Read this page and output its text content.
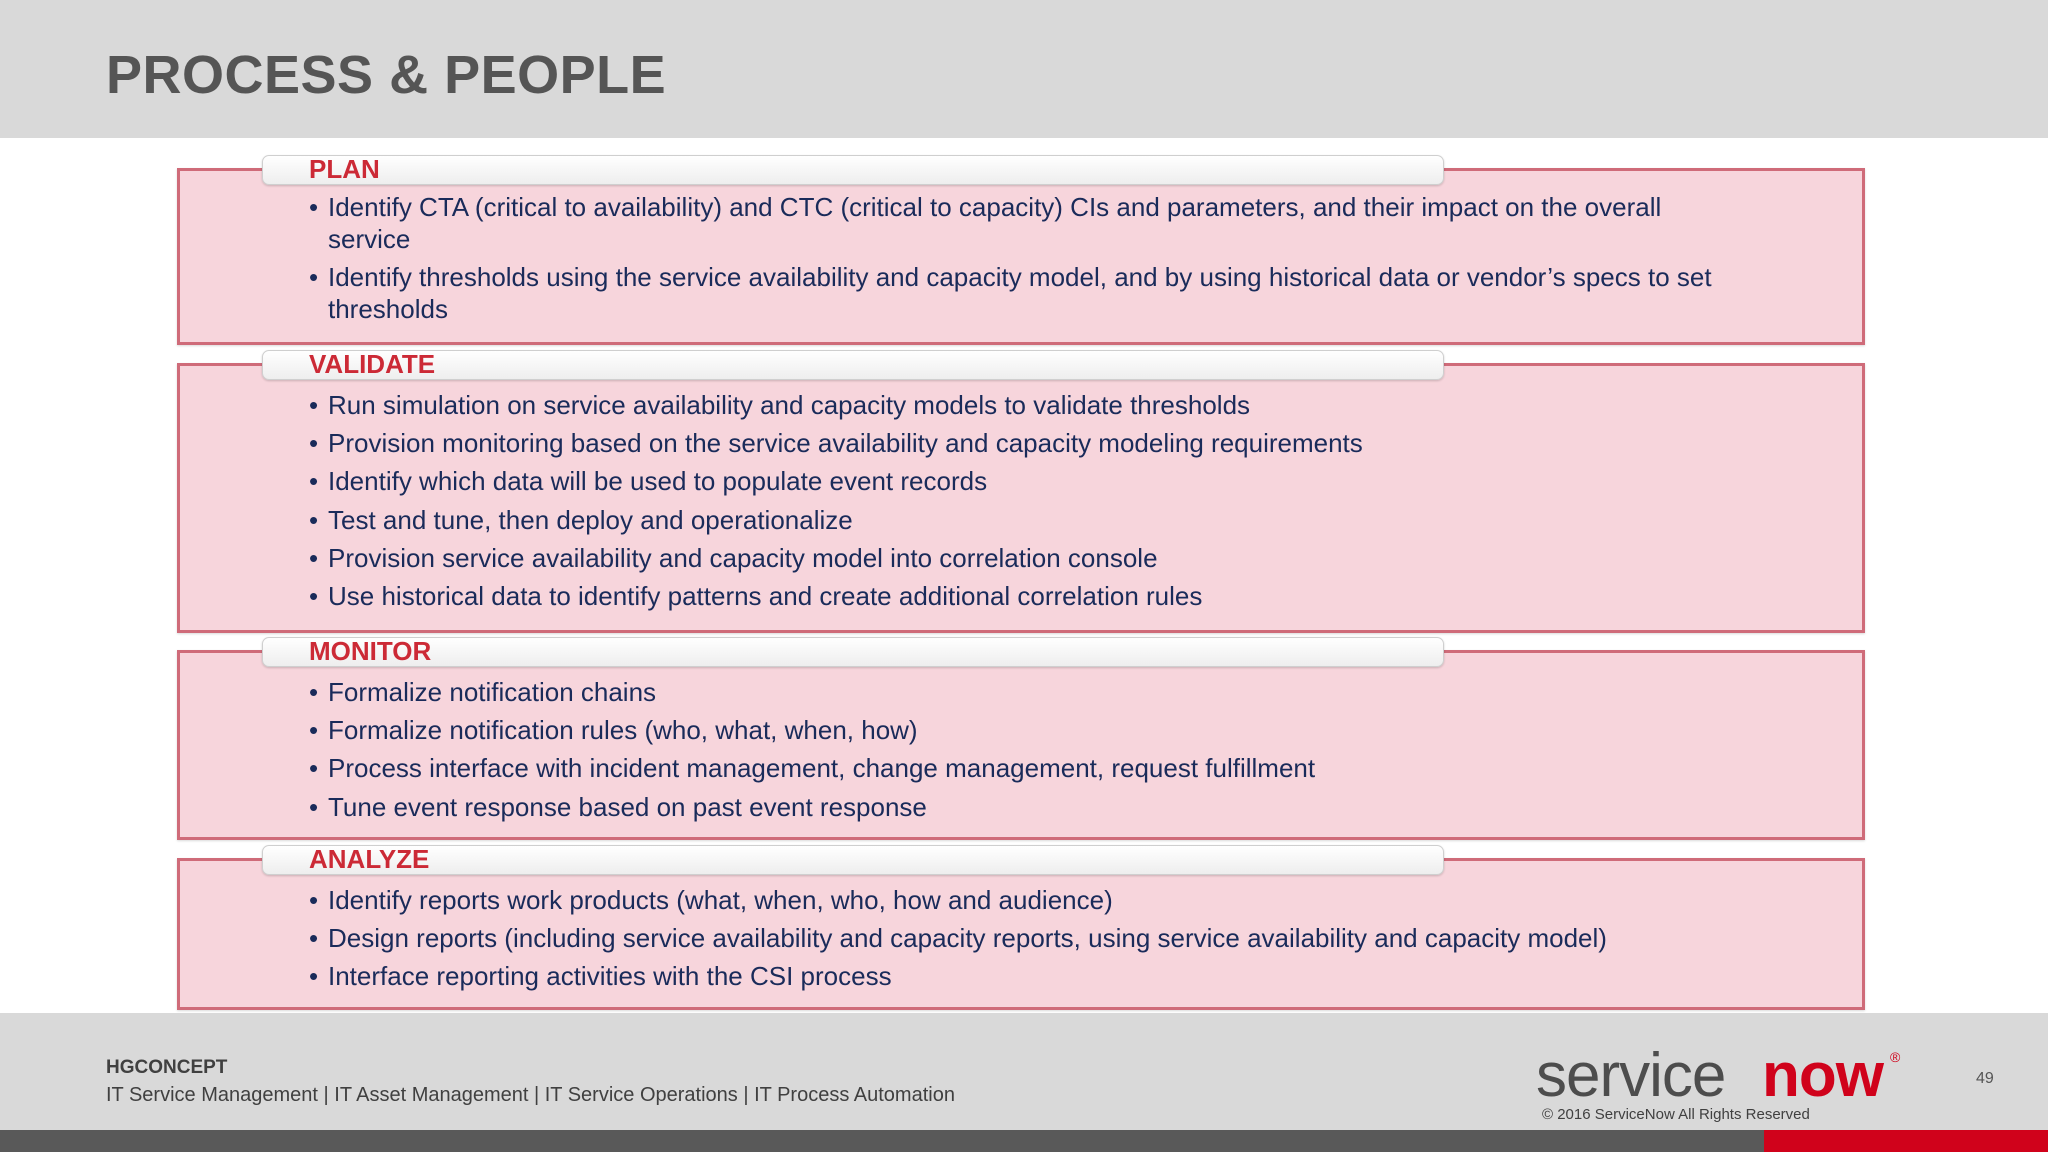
PROCESS & PEOPLE
PLAN
• Identify CTA (critical to availability) and CTC (critical to capacity) CIs and parameters, and their impact on the overall service
• Identify thresholds using the service availability and capacity model, and by using historical data or vendor’s specs to set thresholds
VALIDATE
• Run simulation on service availability and capacity models to validate thresholds
• Provision monitoring based on the service availability and capacity modeling requirements
• Identify which data will be used to populate event records
• Test and tune, then deploy and operationalize
• Provision service availability and capacity model into correlation console
• Use historical data to identify patterns and create additional correlation rules
MONITOR
• Formalize notification chains
• Formalize notification rules (who, what, when, how)
• Process interface with incident management, change management, request fulfillment
• Tune event response based on past event response
ANALYZE
• Identify reports work products (what, when, who, how and audience)
• Design reports (including service availability and capacity reports, using service availability and capacity model)
• Interface reporting activities with the CSI process
HGCONCEPT
IT Service Management | IT Asset Management | IT Service Operations | IT Process Automation	service now ®
© 2016 ServiceNow All Rights Reserved
49
